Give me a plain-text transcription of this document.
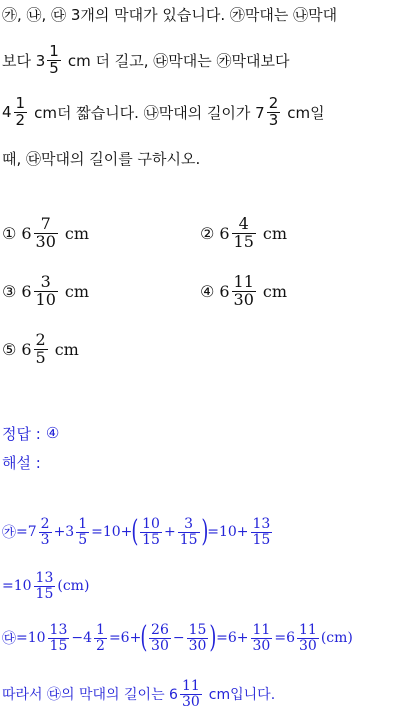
㉮, ㉯, ㉰ 3개의 막대가 있습니다. ㉮막대는 ㉯막대
보다 $3 \frac{1}{5}$ cm 더 길고, ㉰막대는 ㉮막대보다
$4 \frac{1}{2}$ cm더 짧습니다. ㉯막대의 길이가 $7 \frac{2}{3}$ cm일
때, ㉰막대의 길이를 구하시오.
① $6 \frac{7}{30}$ cm	② $6 \frac{4}{15}$ cm
③ $6 \frac{3}{10}$ cm	④ $6 \frac{11}{30}$ cm
⑤ $6 \frac{2}{5}$ cm
정답 : ④
해설 :
㉮ $=7 \frac{2}{3} +3 \frac{1}{5} =10+$ ( $\frac{10}{15} + \frac{3}{15}$ ) $=10+ \frac{13}{15}$
$=10 \frac{13}{15} (cm)$
㉰ $=10 \frac{13}{15} -4 \frac{1}{2} =6+$ ( $\frac{26}{30} - \frac{15}{30}$ ) $=6+ \frac{11}{30} =6 \frac{11}{30} (cm)$
따라서 ㉰의 막대의 길이는 $6 \frac{11}{30}$ cm입니다.
